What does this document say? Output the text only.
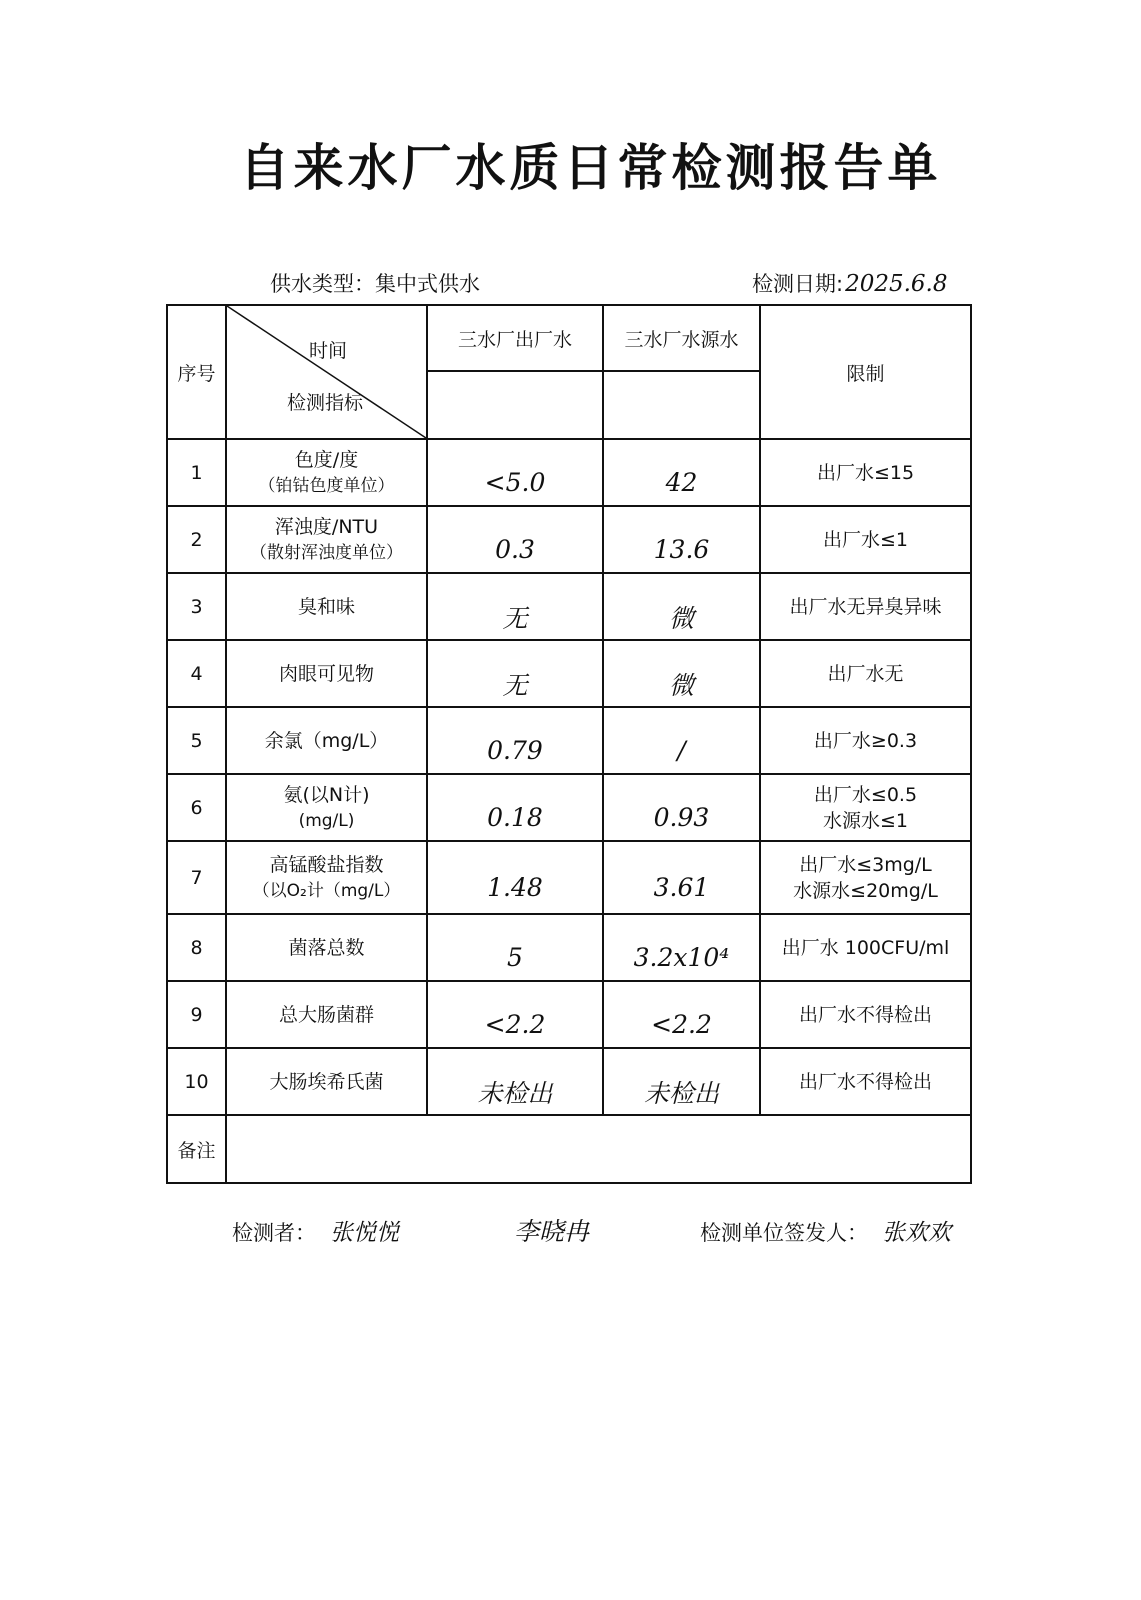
自来水厂水质日常检测报告单
供水类型：集中式供水	检测日期:2025.6.8
序号	时间
检测指标	三水厂出厂水	三水厂水源水	限制

1	色度/度
（铂钴色度单位）	<5.0	42	出厂水≤15

2	浑浊度/NTU
（散射浑浊度单位）	0.3	13.6	出厂水≤1

3	臭和味	无	微	出厂水无异臭异味

4	肉眼可见物	无	微	出厂水无

5	余氯（mg/L）	0.79	/	出厂水≥0.3

6	氨(以N计)
(mg/L)	0.18	0.93	出厂水≤0.5
水源水≤1

7	高锰酸盐指数
（以O₂计（mg/L）	1.48	3.61	出厂水≤3mg/L
水源水≤20mg/L

8	菌落总数	5	3.2x10⁴	出厂水 100CFU/ml

9	总大肠菌群	<2.2	<2.2	出厂水不得检出

10	大肠埃希氏菌	未检出	未检出	出厂水不得检出

备注				
检测者： 张悦悦	李晓冉	检测单位签发人： 张欢欢
